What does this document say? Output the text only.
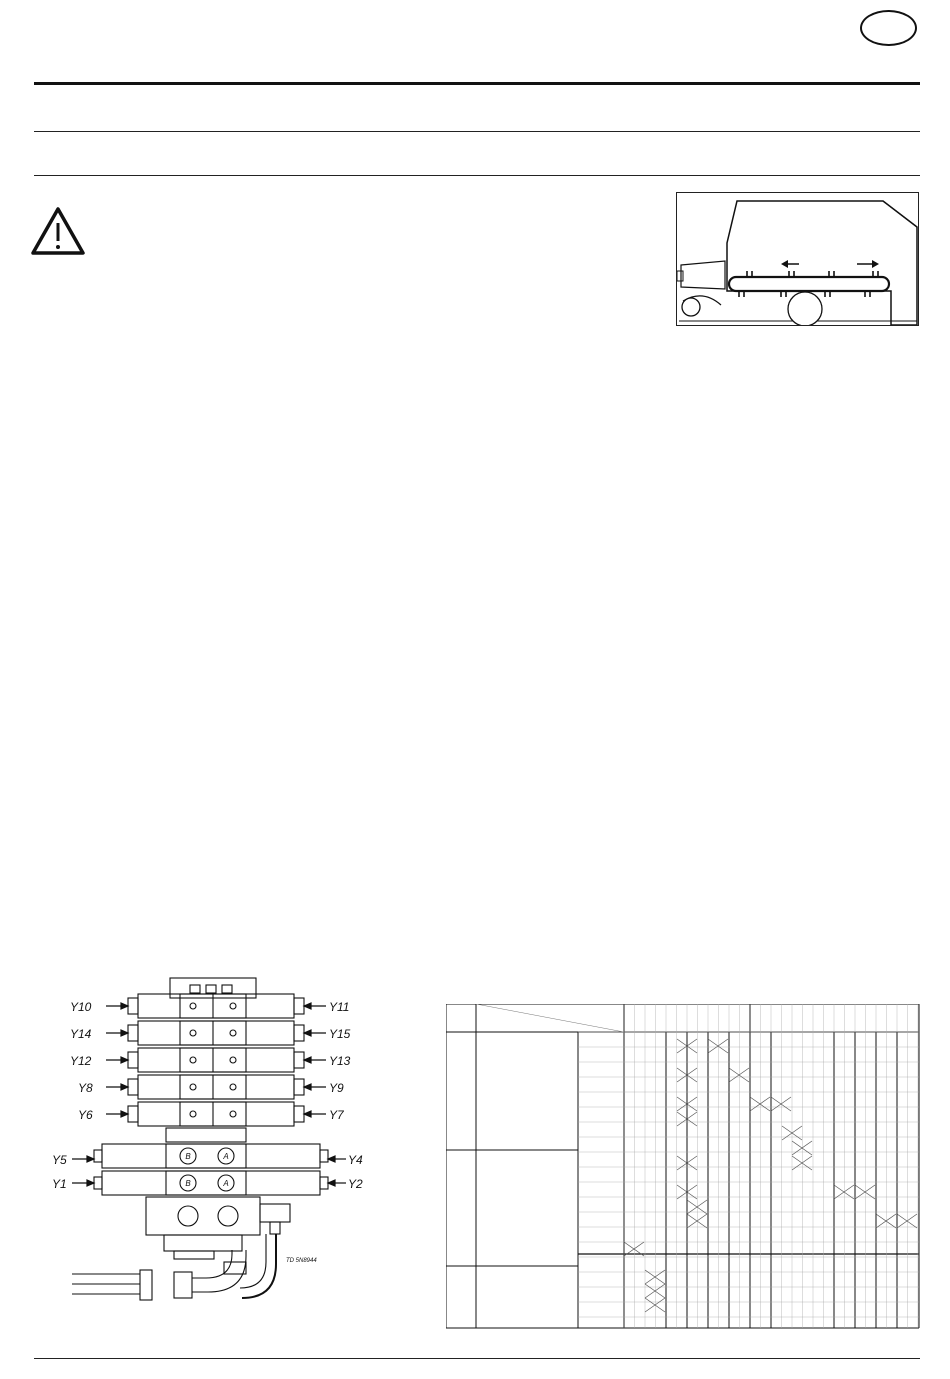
Y10
Y14
Y12
Y8
Y6
Y11
Y15
Y13
Y9
Y7
Y5
Y1
Y4
Y2
B	A
B	A
TD 5N8944
